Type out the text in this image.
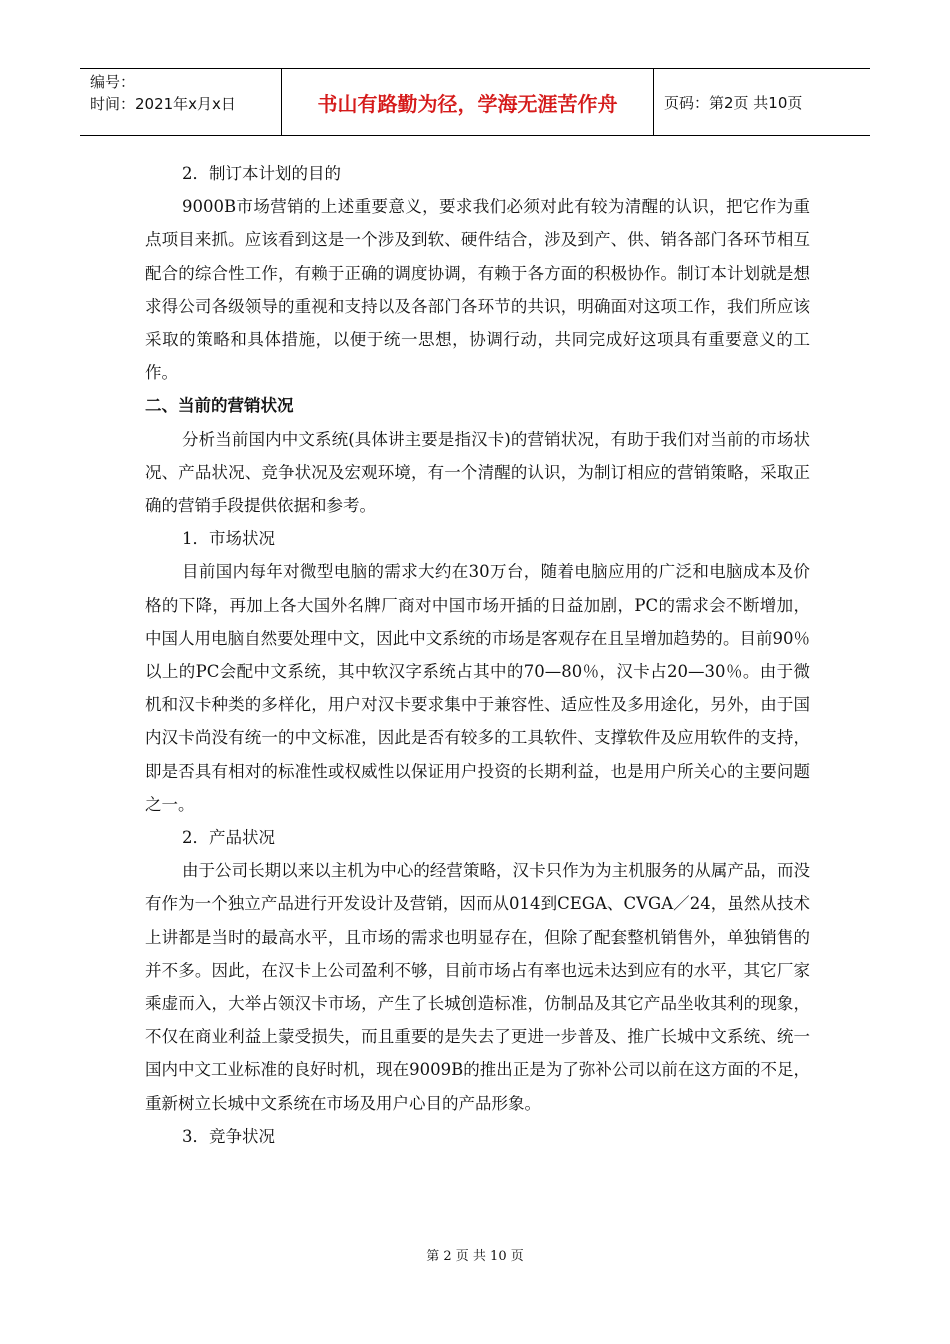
编号：
时间：2021年x月x日	书山有路勤为径，学海无涯苦作舟	页码：第2页 共10页

2．制订本计划的目的

9000B市场营销的上述重要意义，要求我们必须对此有较为清醒的认识，把它作为重点项目来抓。应该看到这是一个涉及到软、硬件结合，涉及到产、供、销各部门各环节相互配合的综合性工作，有赖于正确的调度协调，有赖于各方面的积极协作。制订本计划就是想求得公司各级领导的重视和支持以及各部门各环节的共识，明确面对这项工作，我们所应该采取的策略和具体措施，以便于统一思想，协调行动，共同完成好这项具有重要意义的工作。

二、当前的营销状况

分析当前国内中文系统(具体讲主要是指汉卡)的营销状况，有助于我们对当前的市场状况、产品状况、竞争状况及宏观环境，有一个清醒的认识，为制订相应的营销策略，采取正确的营销手段提供依据和参考。

1．市场状况

目前国内每年对微型电脑的需求大约在30万台，随着电脑应用的广泛和电脑成本及价格的下降，再加上各大国外名牌厂商对中国市场开插的日益加剧，PC的需求会不断增加，中国人用电脑自然要处理中文，因此中文系统的市场是客观存在且呈增加趋势的。目前90％以上的PC会配中文系统，其中软汉字系统占其中的70—80％，汉卡占20—30％。由于微机和汉卡种类的多样化，用户对汉卡要求集中于兼容性、适应性及多用途化，另外，由于国内汉卡尚没有统一的中文标准，因此是否有较多的工具软件、支撑软件及应用软件的支持，即是否具有相对的标准性或权威性以保证用户投资的长期利益，也是用户所关心的主要问题之一。

2．产品状况

由于公司长期以来以主机为中心的经营策略，汉卡只作为为主机服务的从属产品，而没有作为一个独立产品进行开发设计及营销，因而从014到CEGA、CVGA／24，虽然从技术上讲都是当时的最高水平，且市场的需求也明显存在，但除了配套整机销售外，单独销售的并不多。因此，在汉卡上公司盈利不够，目前市场占有率也远未达到应有的水平，其它厂家乘虚而入，大举占领汉卡市场，产生了长城创造标准，仿制品及其它产品坐收其利的现象，不仅在商业利益上蒙受损失，而且重要的是失去了更进一步普及、推广长城中文系统、统一国内中文工业标准的良好时机，现在9009B的推出正是为了弥补公司以前在这方面的不足，重新树立长城中文系统在市场及用户心目的产品形象。

3．竞争状况

第 2 页 共 10 页
